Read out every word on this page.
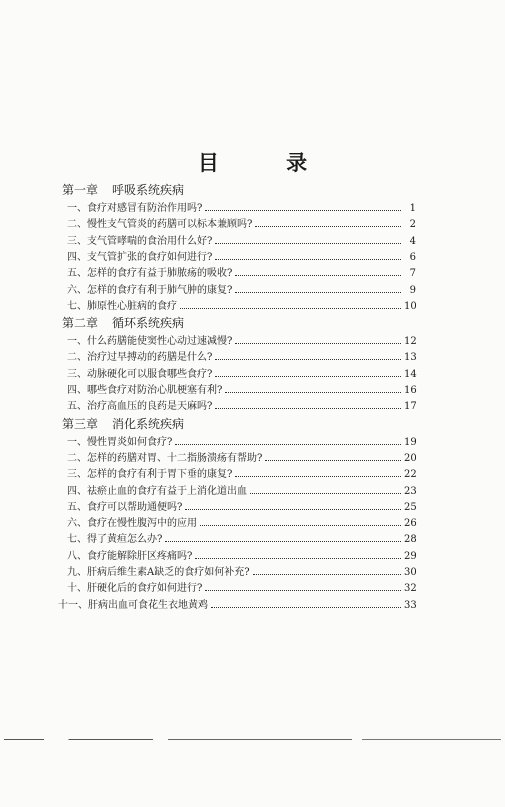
目 录
第一章 呼吸系统疾病
一、 食疗对感冒有防治作用吗?	1
二、 慢性支气管炎的药膳可以标本兼顾吗?	2
三、 支气管哮喘的食治用什么好?	4
四、 支气管扩张的食疗如何进行?	6
五、 怎样的食疗有益于肺脓疡的吸收?	7
六、 怎样的食疗有利于肺气肿的康复?	9
七、 肺原性心脏病的食疗	10
第二章 循环系统疾病
一、 什么药膳能使窦性心动过速减慢?	12
二、 治疗过早搏动的药膳是什么?	13
三、 动脉硬化可以服食哪些食疗?	14
四、 哪些食疗对防治心肌梗塞有利?	16
五、 治疗高血压的良药是天麻吗?	17
第三章 消化系统疾病
一、 慢性胃炎如何食疗?	19
二、 怎样的药膳对胃、十二指肠溃疡有帮助?	20
三、 怎样的食疗有利于胃下垂的康复?	22
四、 祛瘀止血的食疗有益于上消化道出血	23
五、 食疗可以帮助通便吗?	25
六、 食疗在慢性腹泻中的应用	26
七、 得了黄疸怎么办?	28
八、 食疗能解除肝区疼痛吗?	29
九、 肝病后维生素A缺乏的食疗如何补充?	30
十、 肝硬化后的食疗如何进行?	32
十一、 肝病出血可食花生衣地黄鸡	33
